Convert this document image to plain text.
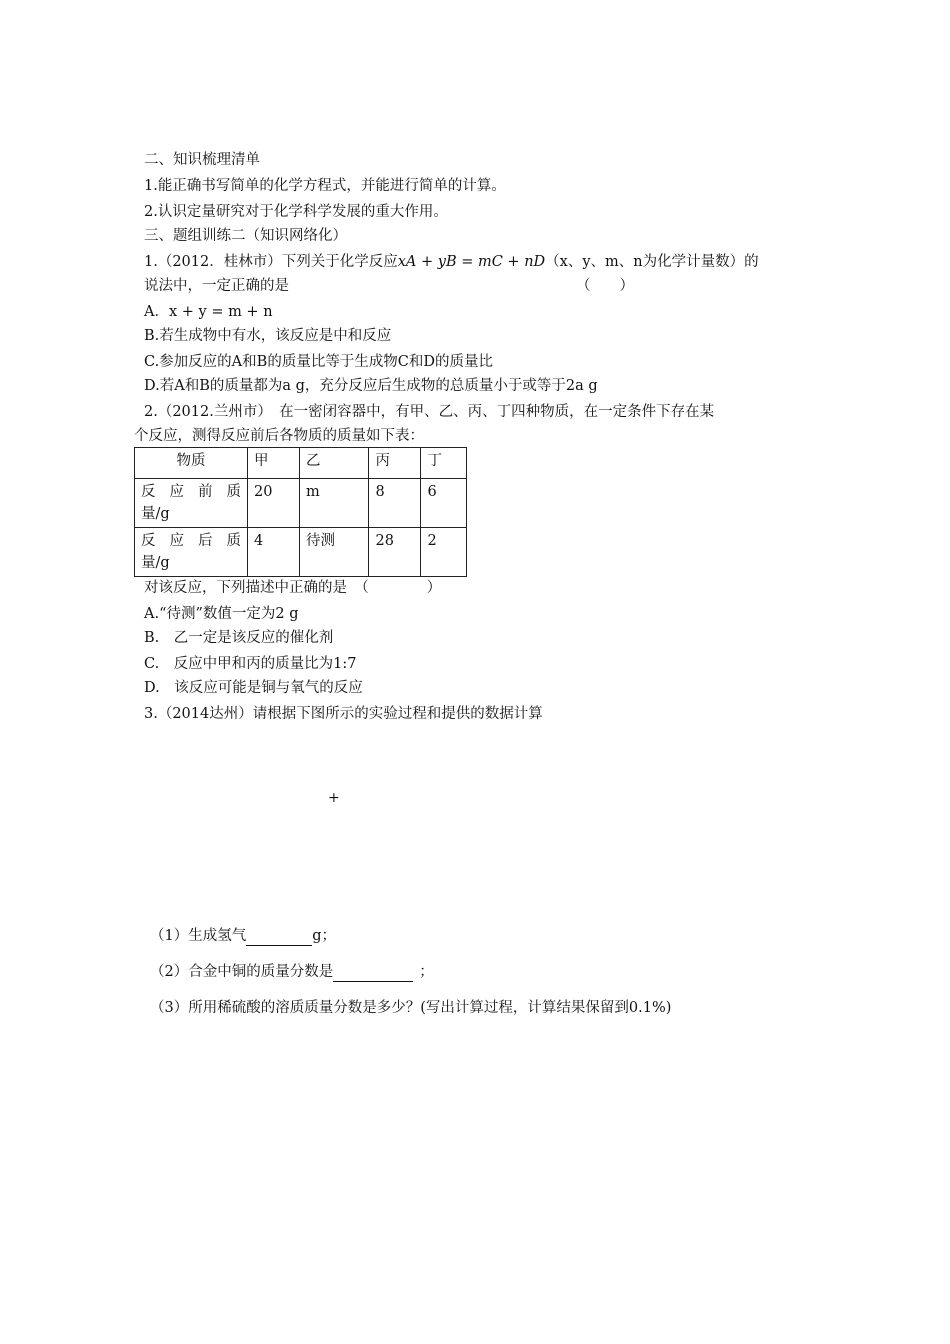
二、知识梳理清单
1.能正确书写简单的化学方程式，并能进行简单的计算。
2.认识定量研究对于化学科学发展的重大作用。
三、题组训练二（知识网络化）
1.（2012．桂林市）下列关于化学反应xA + yB = mC + nD（x、y、m、n为化学计量数）的
说法中，一定正确的是	（　　）
A．x + y = m + n
B.若生成物中有水，该反应是中和反应
C.参加反应的A和B的质量比等于生成物C和D的质量比
D.若A和B的质量都为a g，充分反应后生成物的总质量小于或等于2a g
2.（2012.兰州市）　在一密闭容器中，有甲、乙、丙、丁四种物质，在一定条件下存在某
个反应，测得反应前后各物质的质量如下表：
物质	甲	乙	丙	丁
反 应 前 质量/g	20	m	8	6
反 应 后 质量/g	4	待测	28	2
对该反应，下列描述中正确的是　（　　　　）
A.“待测”数值一定为2 g
B.　乙一定是该反应的催化剂
C.　反应中甲和丙的质量比为1:7
D.　该反应可能是铜与氧气的反应
3.（2014达州）请根据下图所示的实验过程和提供的数据计算
+
（1）生成氢气	g；
（2）合金中铜的质量分数是	；
（3）所用稀硫酸的溶质质量分数是多少？(写出计算过程，计算结果保留到0.1%)
